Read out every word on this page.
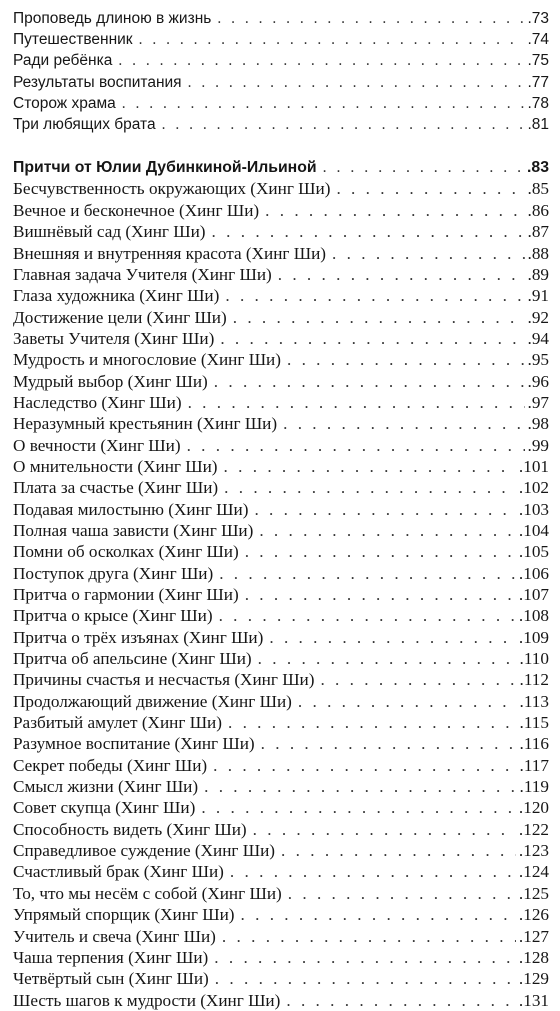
Проповедь длиною в жизнь . . .	.73
Путешественник . . .	.74
Ради ребёнка . . .	.75
Результаты воспитания . . .	.77
Сторож храма . . .	.78
Три любящих брата . . .	.81
Притчи от Юлии Дубинкиной-Ильиной . . .	.83
Бесчувственность окружающих (Хинг Ши) . . .	.85
Вечное и бесконечное (Хинг Ши) . . .	.86
Вишнёвый сад (Хинг Ши) . . .	.87
Внешняя и внутренняя красота (Хинг Ши) . . .	.88
Главная задача Учителя (Хинг Ши) . . .	.89
Глаза художника (Хинг Ши) . . .	.91
Достижение цели (Хинг Ши) . . .	.92
Заветы Учителя (Хинг Ши) . . .	.94
Мудрость и многословие (Хинг Ши) . . .	.95
Мудрый выбор (Хинг Ши) . . .	.96
Наследство (Хинг Ши) . . .	.97
Неразумный крестьянин (Хинг Ши) . . .	.98
О вечности (Хинг Ши) . . .	.99
О мнительности (Хинг Ши) . . .	.101
Плата за счастье (Хинг Ши) . . .	.102
Подавая милостыню (Хинг Ши) . . .	.103
Полная чаша зависти (Хинг Ши) . . .	.104
Помни об осколках (Хинг Ши) . . .	.105
Поступок друга (Хинг Ши) . . .	.106
Притча о гармонии (Хинг Ши) . . .	.107
Притча о крысе (Хинг Ши) . . .	.108
Притча о трёх изъянах (Хинг Ши) . . .	.109
Притча об апельсине (Хинг Ши) . . .	.110
Причины счастья и несчастья (Хинг Ши) . . .	.112
Продолжающий движение (Хинг Ши) . . .	.113
Разбитый амулет (Хинг Ши) . . .	.115
Разумное воспитание (Хинг Ши) . . .	.116
Секрет победы (Хинг Ши) . . .	.117
Смысл жизни (Хинг Ши) . . .	.119
Совет скупца (Хинг Ши) . . .	.120
Способность видеть (Хинг Ши) . . .	.122
Справедливое суждение (Хинг Ши) . . .	.123
Счастливый брак (Хинг Ши) . . .	.124
То, что мы несём с собой (Хинг Ши) . . .	.125
Упрямый спорщик (Хинг Ши) . . .	.126
Учитель и свеча (Хинг Ши) . . .	.127
Чаша терпения (Хинг Ши) . . .	.128
Четвёртый сын (Хинг Ши) . . .	.129
Шесть шагов к мудрости (Хинг Ши) . . .	.131
